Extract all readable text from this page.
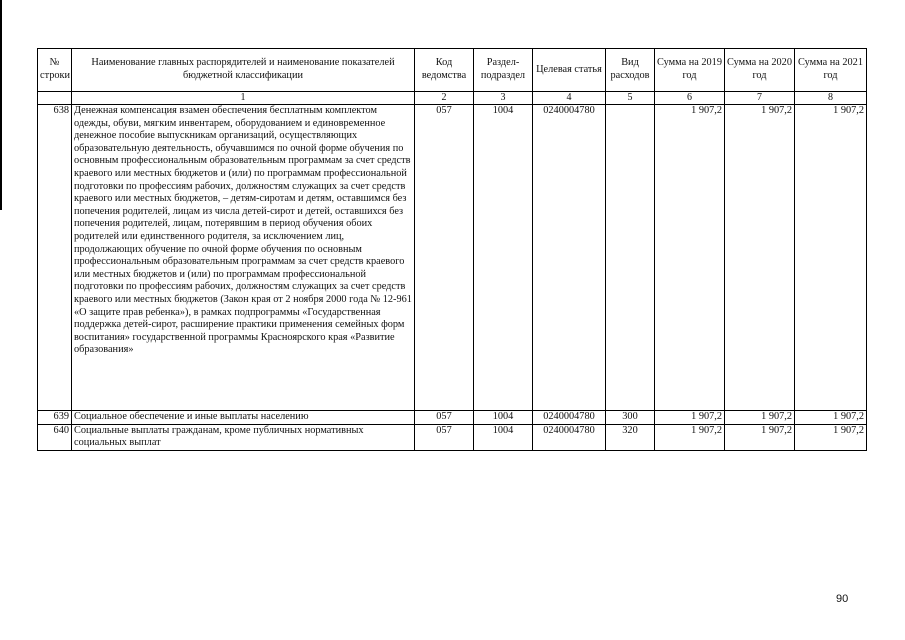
№ строки	Наименование главных распорядителей и наименование показателей бюджетной классификации	Код ведомства	Раздел-подраздел	Целевая статья	Вид расходов	Сумма на 2019 год	Сумма на 2020 год	Сумма на 2021 год
	1	2	3	4	5	6	7	8
638	Денежная компенсация взамен обеспечения бесплатным комплектом одежды, обуви, мягким инвентарем, оборудованием и единовременное денежное пособие выпускникам организаций, осуществляющих образовательную деятельность, обучавшимся по очной форме обучения по основным профессиональным образовательным программам за счет средств краевого или местных бюджетов и (или) по программам профессиональной подготовки по профессиям рабочих, должностям служащих за счет средств краевого или местных бюджетов, – детям-сиротам и детям, оставшимся без попечения родителей, лицам из числа детей-сирот и детей, оставшихся без попечения родителей, лицам, потерявшим в период обучения обоих родителей или единственного родителя, за исключением лиц, продолжающих обучение по очной форме обучения по основным профессиональным образовательным программам за счет средств краевого или местных бюджетов и (или) по программам профессиональной подготовки по профессиям рабочих, должностям служащих за счет средств краевого или местных бюджетов (Закон края от 2 ноября 2000 года № 12-961 «О защите прав ребенка»), в рамках подпрограммы «Государственная поддержка детей-сирот, расширение практики применения семейных форм воспитания» государственной программы Красноярского края «Развитие образования»	057	1004	0240004780		1 907,2	1 907,2	1 907,2
639	Социальное обеспечение и иные выплаты населению	057	1004	0240004780	300	1 907,2	1 907,2	1 907,2
640	Социальные выплаты гражданам, кроме публичных нормативных социальных выплат	057	1004	0240004780	320	1 907,2	1 907,2	1 907,2
90
